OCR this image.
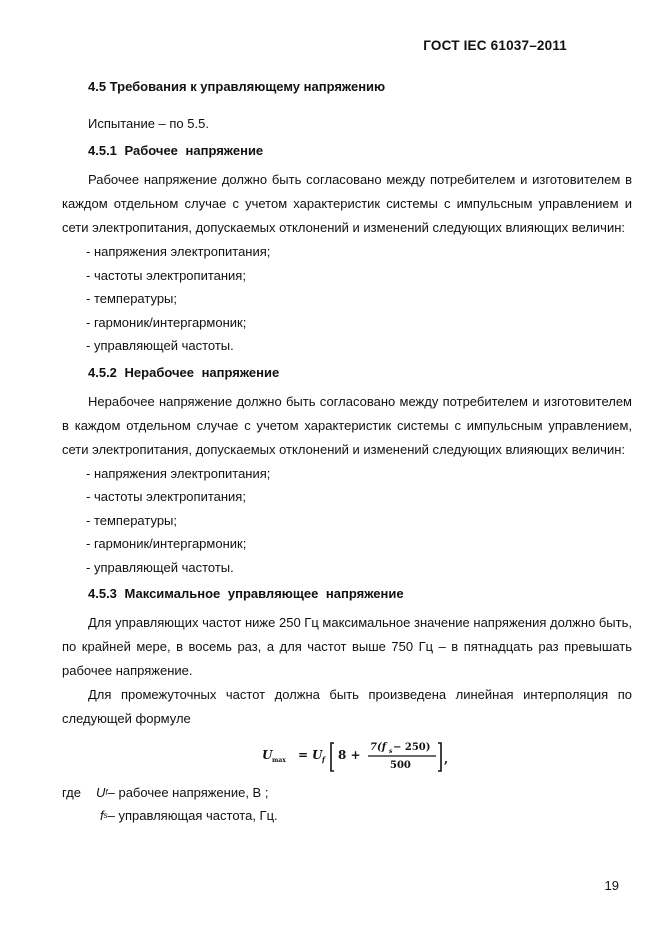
ГОСТ IEC 61037–2011
4.5 Требования к управляющему напряжению

Испытание – по 5.5.

4.5.1 Рабочее напряжение

Рабочее напряжение должно быть согласовано между потребителем и изготовителем в каждом отдельном случае с учетом характеристик системы с импульсным управлением и сети электропитания, допускаемых отклонений и изменений следующих влияющих величин:

- напряжения электропитания;
- частоты электропитания;
- температуры;
- гармоник/интергармоник;
- управляющей частоты.
4.5.2 Нерабочее напряжение

Нерабочее напряжение должно быть согласовано между потребителем и изготовителем в каждом отдельном случае с учетом характеристик системы с импульсным управлением, сети электропитания, допускаемых отклонений и изменений следующих влияющих величин:

- напряжения электропитания;
- частоты электропитания;
- температуры;
- гармоник/интергармоник;
- управляющей частоты.
4.5.3 Максимальное управляющее напряжение

Для управляющих частот ниже 250 Гц максимальное значение напряжения должно быть, по крайней мере, в восемь раз, а для частот выше 750 Гц – в пятнадцать раз превышать рабочее напряжение.

Для промежуточных частот должна быть произведена линейная интерполяция по следующей формуле

U max = U f 8 +
7(f s − 250)
500	,
где	U f – рабочее напряжение, В ;
f s – управляющая частота, Гц.
19
